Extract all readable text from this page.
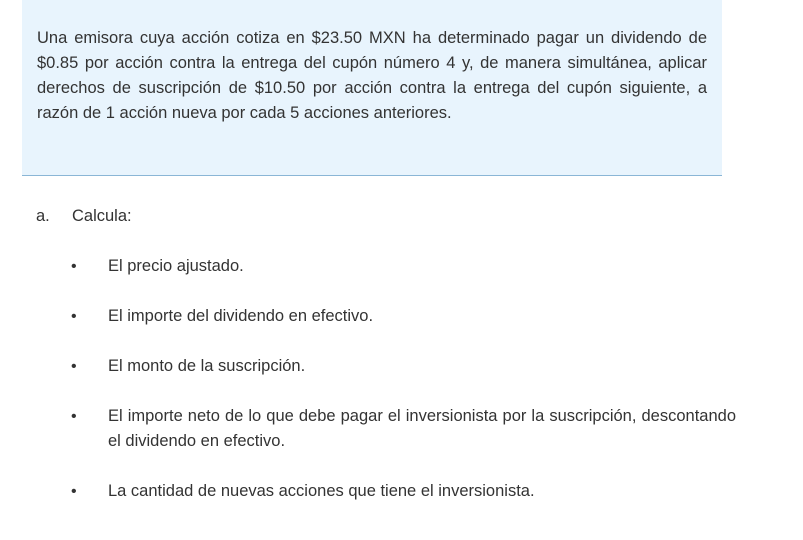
Una emisora cuya acción cotiza en $23.50 MXN ha determinado pagar un dividendo de $0.85 por acción contra la entrega del cupón número 4 y, de manera simultánea, aplicar derechos de suscripción de $10.50 por acción contra la entrega del cupón siguiente, a razón de 1 acción nueva por cada 5 acciones anteriores.

a. Calcula:
• El precio ajustado.
• El importe del dividendo en efectivo.
• El monto de la suscripción.
• El importe neto de lo que debe pagar el inversionista por la suscripción, descontando el dividendo en efectivo.
• La cantidad de nuevas acciones que tiene el inversionista.
